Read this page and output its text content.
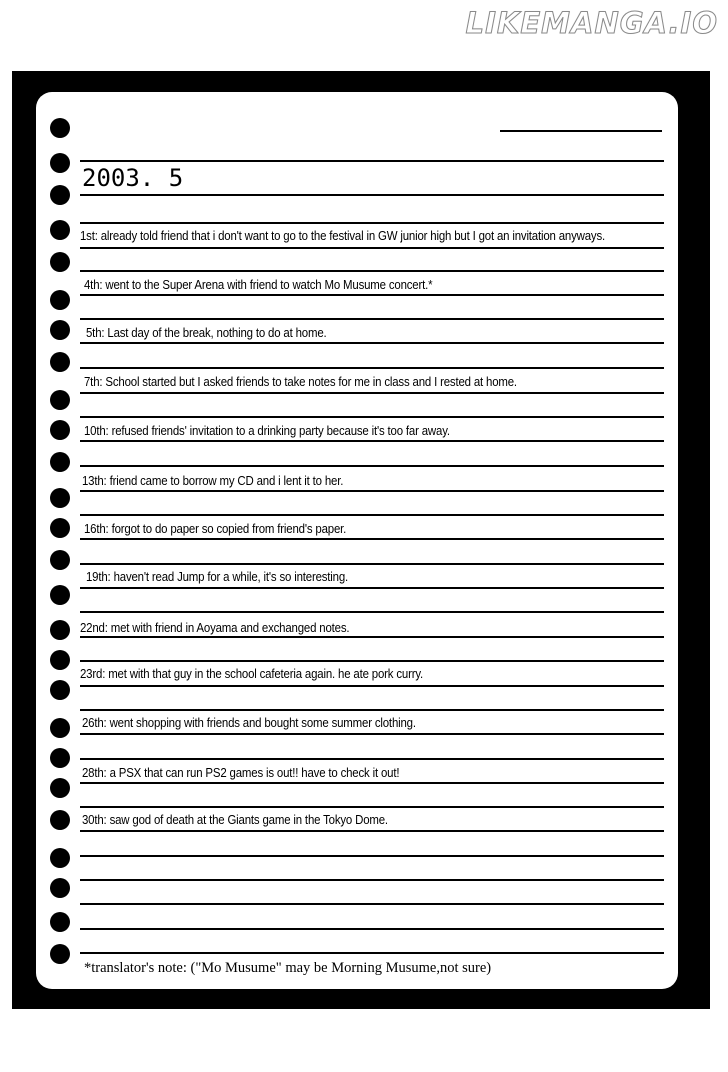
LIKEMANGA.IO
2003. 5
1st: already told friend that i don't want to go to the festival in GW junior high but I got an invitation anyways.
4th: went to the Super Arena with friend to watch Mo Musume concert.*
5th: Last day of the break, nothing to do at home.
7th: School started but I asked friends to take notes for me in class and I rested at home.
10th: refused friends' invitation to a drinking party because it's too far away.
13th: friend came to borrow my CD and i lent it to her.
16th: forgot to do paper so copied from friend's paper.
19th: haven't read Jump for a while, it's so interesting.
22nd: met with friend in Aoyama and exchanged notes.
23rd: met with that guy in the school cafeteria again. he ate pork curry.
26th: went shopping with friends and bought some summer clothing.
28th: a PSX that can run PS2 games is out!! have to check it out!
30th: saw god of death at the Giants game in the Tokyo Dome.
*translator's note: ("Mo Musume" may be Morning Musume,not sure)
